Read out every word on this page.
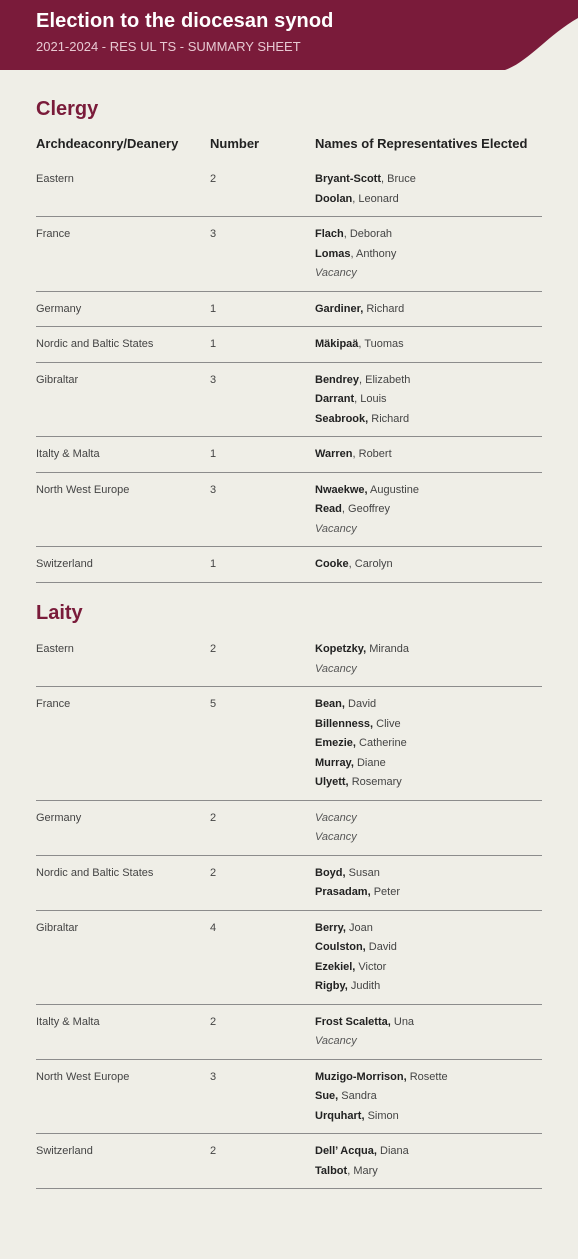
Election to the diocesan synod
2021-2024 - RES UL TS - SUMMARY SHEET
Clergy
Archdeaconry/Deanery Number	Names of Representatives Elected
Eastern	2	Bryant-Scott, Bruce
Doolan, Leonard
France	3	Flach, Deborah
Lomas, Anthony
Vacancy
Germany	1	Gardiner, Richard
Nordic and Baltic States	1	Mäkipaä, Tuomas
Gibraltar	3	Bendrey, Elizabeth
Darrant, Louis
Seabrook, Richard
Italty & Malta	1	Warren, Robert
North West Europe	3	Nwaekwe, Augustine
Read, Geoffrey
Vacancy
Switzerland	1	Cooke, Carolyn
Laity
Eastern	2	Kopetzky, Miranda
Vacancy
France	5	Bean, David
Billenness, Clive
Emezie, Catherine
Murray, Diane
Ulyett, Rosemary
Germany	2	Vacancy
Vacancy
Nordic and Baltic States	2	Boyd, Susan
Prasadam, Peter
Gibraltar	4	Berry, Joan
Coulston, David
Ezekiel, Victor
Rigby, Judith
Italty & Malta	2	Frost Scaletta, Una
Vacancy
North West Europe	3	Muzigo-Morrison, Rosette
Sue, Sandra
Urquhart, Simon
Switzerland	2	Dell’ Acqua, Diana
Talbot, Mary
